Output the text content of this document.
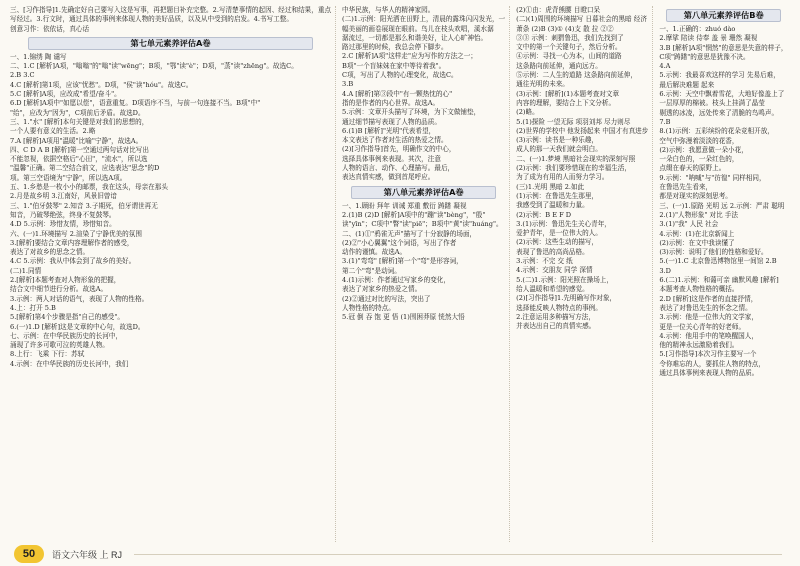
三、[习作指导]1.先确定好自己要写入这是写事，再把题目补充完整。2.写清楚事情的起因、经过和结果，重点

写经过。3.行文时，通过具体的事例来体现人物的美好品质，以及从中受到的启发。4.书写工整。

创意习作：依依话，真心话

第七单元素养评估A卷

一、1.锦绣 陶 谴写

二、1.C [解析]A项，"嗡嗡"的"嗡"读"wēng"；B项，"鄂"读"è"；D项，"蒸"读"zhēng"。故选C。

2.B 3.C

4.C [解析]第1项，应该"忧愁"。D项，"侯"读"hóu"。故选C。

5.C [解析]A项，应改成"希望/奋斗"。

6.D [解析]A项中"如愿以偿"，语意重复。D项语序不当，与前一句连接不当。B项"中"

"给"，应改为"因为"，C项前后矛盾。故选D。

三、1."水" [解析]本句关键是对我们的思想的，

一个人要有意义的生活。2.略

7.A [解析]A项用"温暖"比喻"宁静"，故选A。

四、C D A B [解析]第一空通过两句话对比写出

不能忽视，依据空格后"心田"，"流水"，所以选

"温馨"正确。第二空结合前文，应选表达"思念"的D

项。第三空语境为"宁静"，所以选A项。

五、1.乡愁是一枚小小的邮票，我在这头，母亲在那头

2.月是故乡明 3.江南好，风景旧曾谙

三、1."伯牙鼓琴" 2.知音 3.子期死，伯牙谓世再无

知音，乃破琴绝弦，终身不复鼓琴。

4.D 5.示例：珍惜友情，珍惜知音。

六、(一)1.环境描写 2.渲染了宁静优美的氛围

3.[解析]要结合文章内容理解作者的感受，

表达了对故乡的思念之情。

4.C 5.示例：我从中体会到了故乡的美好。

(二)1.同情

2.[解析]本题考查对人物形象的把握，

结合文中细节进行分析。故选A。

3.示例：两人对话的语气，表现了人物的性格。

4.上：打开 5.B

5.[解析]第4个步骤是指"自己的感受"。

6.(一)1.D [解析]这是文章的中心句，故选D。

七、示例：在中华民族历史的长河中，

涌现了许多可歌可泣的英雄人物。

8.上行：飞乘 下行：苏轼

4.示例：在中华民族的历史长河中，我们

中华民族，与华人的精神家园。

(二)1.示例：阳光洒在田野上，清晨的露珠闪闪发光，一

幅美丽的画卷展现在眼前。鸟儿在枝头欢唱，溪水潺

潺流过，一切都是那么和谐美好，让人心旷神怡。

路过那里的时候，我总会停下脚步。

2.C [解析]A项"这样走"应为写作的方法之一；

B项"一个盲妹妹在家中等待着我"。

C项，写出了人物的心理变化，故选C。

3.B

4.A [解析]第③段中"有一颗热忱的心"

指的是作者的内心世界。故选A。

5.示例：文章开头描写了环境，为下文做铺垫，

通过细节描写表现了人物的品质。

6.(1)B [解析]"光明"代表希望，

本文表达了作者对生活的热爱之情。

(2)[习作指导]首先，明确作文的中心，

选择具体事例来表现。其次，注意

人物的语言、动作、心理描写。最后，

表达真情实感，做到首尾呼应。

第八单元素养评估A卷

一、1.顾盼 拜年 训诫 郑重 敷衍 踌躇 凝视

2.(1)B (2)D [解析]A项中的"蹦"读"bèng"，"殷"

读"yīn"；C项中"瞥"读"piē"；B项中"黄"读"huáng"。

二、(1)①"鸦雀无声"描写了十分寂静的场面，

(2)②"小心翼翼"这个词语，写出了作者

动作的谨慎。故选A。

3.(1)"弯弯" [解析]第一个"弯"是形容词，

第二个"弯"是动词。

4.(1)示例：作者通过写家乡的变化，

表达了对家乡的热爱之情。

(2)②通过对比的写法，突出了

人物性格的特点。

5.冠 倒 吞 饱 更 悟 (1)围困莽原 恍然大悟

(2)①由：虎背熊腰 目瞪口呆

(二)(1)周围的环境描写 日暮社会的黑暗 经济

萧条 (2)B (3)① (4)支 散 拉 ②②

③③ 示例：刺猬鲁迅，我们先找到了

文中的第一个关键句子，然后分析。

④示例：寻找一心为本，山间的道路

这条路向前延伸，通向远方。

⑤示例：二人生的道路 这条路向前延伸，

通往光明的未来。

(3)示例：[解析](1)本题考查对文章

内容的理解，要结合上下文分析。

(2)略。

5.(1)探险 一望无际 项羽刘邦 尽力则尽

(2)世界的学校中 他发扬起来 中国才有真进步

(3)示例：读书是一种乐趣，

成人的那一天我们就会明白。

二、(一)1.梦境 黑暗社会现实的深刻写照

(2)示例：我们要珍惜现在的幸福生活，

为了成为有用的人而努力学习。

(三)1.光明 黑暗 2.如此

(1)示例：在鲁迅先生那里，

我感受到了温暖和力量。

(2)示例：B E F D

3.(1)示例：鲁迅先生关心青年，

爱护青年，是一位伟大的人。

(2)示例：这些生动的描写，

表现了鲁迅的高尚品格。

3.示例：不完 交 纸

4.示例：交朋友 同学 深情

5.(二)1.示例：阳光照在操场上，

给人温暖和希望的感觉。

(2)[习作指导]1.先明确写作对象，

选择能反映人物特点的事例。

2.注意运用多种描写方法，

并表达出自己的真情实感。

第八单元素养评估B卷

一、1.正确的：zhuó dào

2.摩挲 陪读 侍奉 盖 景 珊然 凝视

3.B [解析]A项"惘然"的意思是失意的样子，

C项"踌躇"的意思是犹豫不决。

4.A

5.示例：我最喜欢这样的学习 先易后难，

最后解决难题 起来

6.示例：天空中飘着雪花，大地好像盖上了

一层厚厚的棉被。枝头上挂满了晶莹

剔透的冰凌，远处传来了清脆的鸟鸣声。

7.B

8.(1)示例：五彩缤纷的花朵竞相开放，

空气中弥漫着淡淡的花香，

(2)示例：我愿意做一朵小花，

一朵白色的，一朵红色的，

点缀在春天的原野上。

9.示例："呐喊"与"彷徨" 同样相同，

在鲁迅先生看来，

都是对现实的深刻思考。

三、(一)1.原路 光明 远 2.示例：严肃 聪明

2.(1)"人物形象" 对比 手法

3.(1)"我" 人民 社会

4.示例：(1)在北京新闻上

(2)示例：在文中我读懂了

(3)示例：说明了他们的性格和爱好。

5.(一)1.C 北京鲁迅博物馆里一间馆 2.B

3.D

6.(二)1.示例：和蔼可亲 幽默风趣 [解析]

本题考查人物性格的概括。

2.D [解析]这是作者的直接抒情，

表达了对鲁迅先生的怀念之情。

3.示例：他是一位伟大的文学家，

更是一位关心青年的好老师。

4.示例：他用手中的笔唤醒国人，

他的精神永远激励着我们。

5.[习作指导]本次习作主要写一个

令你难忘的人，要抓住人物的特点，

通过具体事例来表现人物的品质。

50	语文六年级 上 RJ
